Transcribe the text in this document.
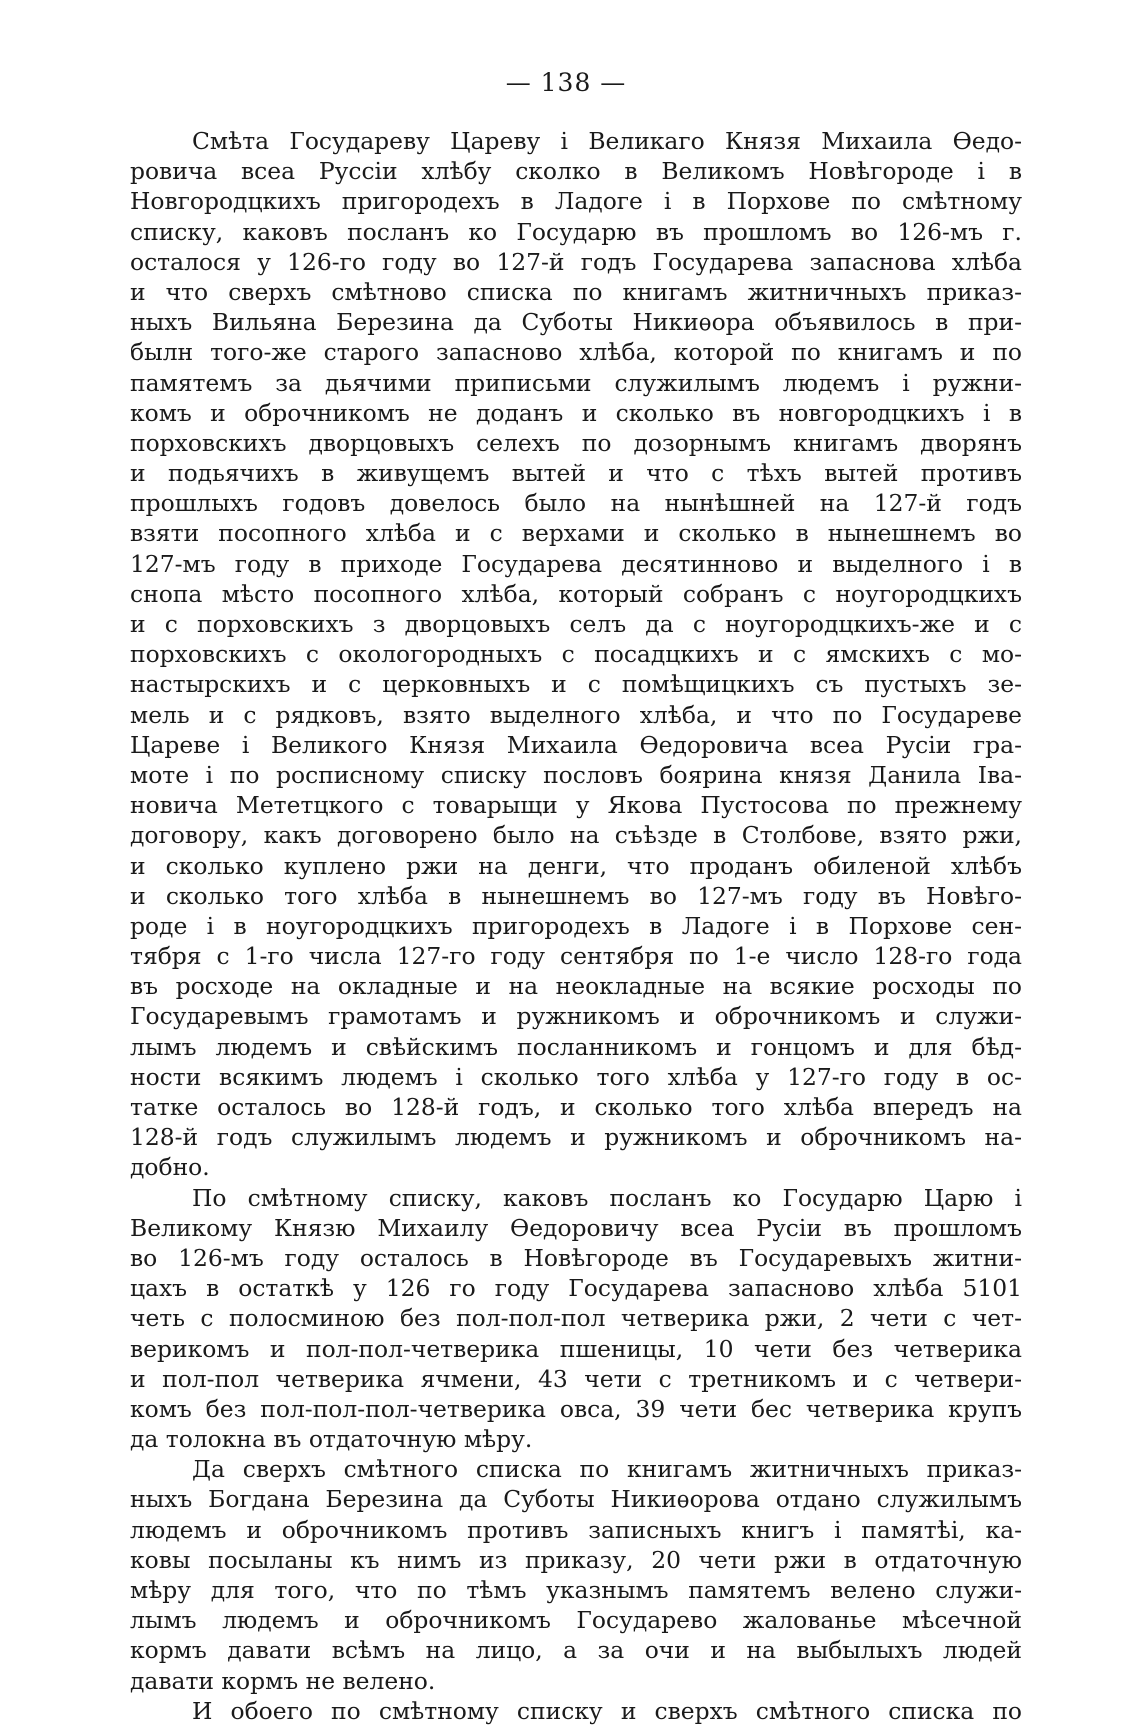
— 138 —
Смѣта Государеву Цареву і Великаго Князя Михаила Ѳедо-
ровича всеа Руссіи хлѣбу сколко в Великомъ Новѣгороде і в
Новгородцкихъ пригородехъ в Ладоге і в Порхове по смѣтному
списку, каковъ посланъ ко Государю въ прошломъ во 126-мъ г.
осталося у 126-го году во 127-й годъ Государева запаснова хлѣба
и что сверхъ смѣтново списка по книгамъ житничныхъ приказ-
ныхъ Вильяна Березина да Суботы Никиѳора объявилось в при-
былн того-же старого запасново хлѣба, которой по книгамъ и по
памятемъ за дьячими приписьми служилымъ людемъ і ружни-
комъ и оброчникомъ не доданъ и сколько въ новгородцкихъ і в
порховскихъ дворцовыхъ селехъ по дозорнымъ книгамъ дворянъ
и подьячихъ в живущемъ вытей и что с тѣхъ вытей противъ
прошлыхъ годовъ довелось было на нынѣшней на 127-й годъ
взяти посопного хлѣба и с верхами и сколько в нынешнемъ во
127-мъ году в приходе Государева десятинново и выделного і в
снопа мѣсто посопного хлѣба, который собранъ с ноугородцкихъ
и с порховскихъ з дворцовыхъ селъ да с ноугородцкихъ-же и с
порховскихъ с окологородныхъ с посадцкихъ и с ямскихъ с мо-
настырскихъ и с церковныхъ и с помѣщицкихъ съ пустыхъ зе-
мель и с рядковъ, взято выделного хлѣба, и что по Государеве
Цареве і Великого Князя Михаила Ѳедоровича всеа Русіи гра-
моте і по росписному списку пословъ боярина князя Данила Іва-
новича Мететцкого с товарыщи у Якова Пустосова по прежнему
договору, какъ договорено было на съѣзде в Столбове, взято ржи,
и сколько куплено ржи на денги, что проданъ обиленой хлѣбъ
и сколько того хлѣба в нынешнемъ во 127-мъ году въ Новѣго-
роде і в ноугородцкихъ пригородехъ в Ладоге і в Порхове сен-
тября с 1-го числа 127-го году сентября по 1-е число 128-го года
въ росходе на окладные и на неокладные на всякие росходы по
Государевымъ грамотамъ и ружникомъ и оброчникомъ и служи-
лымъ людемъ и свѣйскимъ посланникомъ и гонцомъ и для бѣд-
ности всякимъ людемъ і сколько того хлѣба у 127-го году в ос-
татке осталось во 128-й годъ, и сколько того хлѣба впередъ на
128-й годъ служилымъ людемъ и ружникомъ и оброчникомъ на-
добно.
По смѣтному списку, каковъ посланъ ко Государю Царю і
Великому Князю Михаилу Ѳедоровичу всеа Русіи въ прошломъ
во 126-мъ году осталось в Новѣгороде въ Государевыхъ житни-
цахъ в остаткѣ у 126 го году Государева запасново хлѣба 5101
четь с полосминою без пол-пол-пол четверика ржи, 2 чети с чет-
верикомъ и пол-пол-четверика пшеницы, 10 чети без четверика
и пол-пол четверика ячмени, 43 чети с третникомъ и с четвери-
комъ без пол-пол-пол-четверика овса, 39 чети бес четверика крупъ
да толокна въ отдаточную мѣру.
Да сверхъ смѣтного списка по книгамъ житничныхъ приказ-
ныхъ Богдана Березина да Суботы Никиѳорова отдано служилымъ
людемъ и оброчникомъ противъ записныхъ книгъ і памятѣі, ка-
ковы посыланы къ нимъ из приказу, 20 чети ржи в отдаточную
мѣру для того, что по тѣмъ указнымъ памятемъ велено служи-
лымъ людемъ и оброчникомъ Государево жалованье мѣсечной
кормъ давати всѣмъ на лицо, а за очи и на выбылыхъ людей
давати кормъ не велено.
И обоего по смѣтному списку и сверхъ смѣтного списка по
